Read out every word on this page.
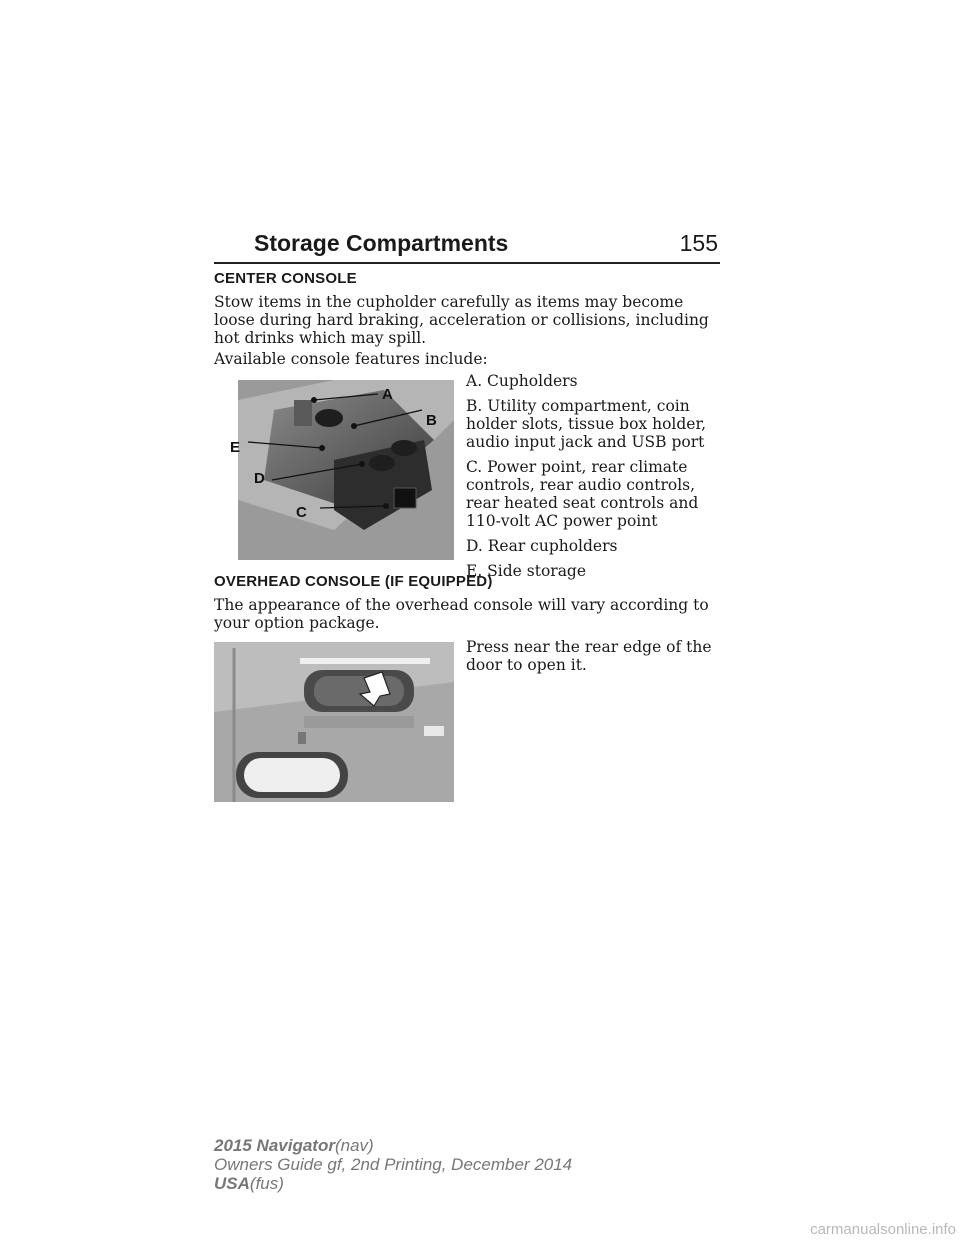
Storage Compartments	155
CENTER CONSOLE
Stow items in the cupholder carefully as items may become loose during hard braking, acceleration or collisions, including hot drinks which may spill.
Available console features include:
A
B
C
D
E
A. Cupholders
B. Utility compartment, coin holder slots, tissue box holder, audio input jack and USB port
C. Power point, rear climate controls, rear audio controls, rear heated seat controls and 110-volt AC power point
D. Rear cupholders
E. Side storage
OVERHEAD CONSOLE (IF EQUIPPED)
The appearance of the overhead console will vary according to your option package.
Press near the rear edge of the door to open it.
2015 Navigator(nav)
Owners Guide gf, 2nd Printing, December 2014
USA(fus)
carmanualsonline.info
